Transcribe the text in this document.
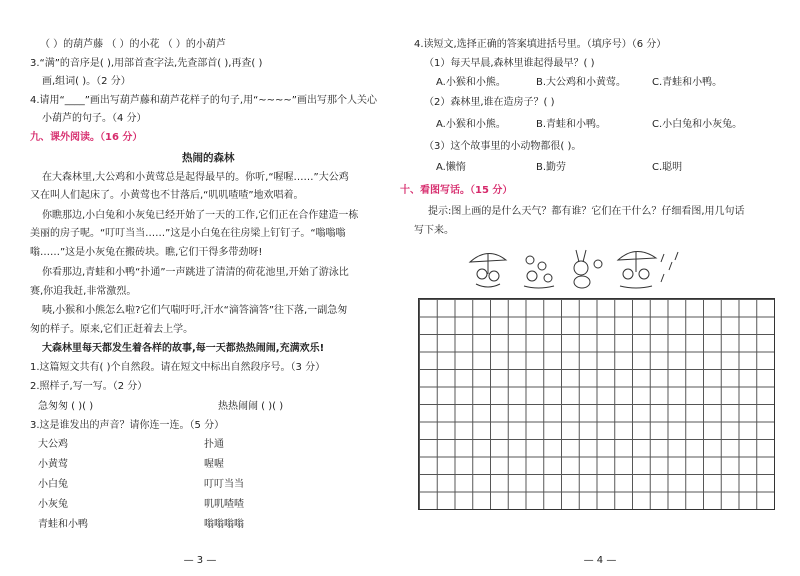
（ ）的葫芦藤 （ ）的小花 （ ）的小葫芦
3.“满”的音序是( ),用部首查字法,先查部首( ),再查( )
画,组词( )。（2 分）
4.请用“____”画出写葫芦藤和葫芦花样子的句子,用“~~~~”画出写那个人关心
小葫芦的句子。（4 分）
九、课外阅读。（16 分）
热闹的森林
在大森林里,大公鸡和小黄莺总是起得最早的。你听,“喔喔……”大公鸡
又在叫人们起床了。小黄莺也不甘落后,“叽叽喳喳”地欢唱着。
你瞧那边,小白兔和小灰兔已经开始了一天的工作,它们正在合作建造一栋
美丽的房子呢。“叮叮当当……”这是小白兔在往房梁上钉钉子。“嗡嗡嗡
嗡……”这是小灰兔在搬砖块。瞧,它们干得多带劲呀!
你看那边,青蛙和小鸭“扑通”一声跳进了清清的荷花池里,开始了游泳比
赛,你追我赶,非常激烈。
咦,小猴和小熊怎么啦?它们气喘吁吁,汗水“滴答滴答”往下落,一副急匆
匆的样子。原来,它们正赶着去上学。
大森林里每天都发生着各样的故事,每一天都热热闹闹,充满欢乐!
1.这篇短文共有( )个自然段。请在短文中标出自然段序号。（3 分）
2.照样子,写一写。（2 分）
急匆匆 ( )( )	热热闹闹 ( )( )
3.这是谁发出的声音？请你连一连。（5 分）
大公鸡	扑通
小黄莺	喔喔
小白兔	叮叮当当
小灰兔	叽叽喳喳
青蛙和小鸭	嗡嗡嗡嗡
— 3 —
4.读短文,选择正确的答案填进括号里。（填序号）（6 分）
（1）每天早晨,森林里谁起得最早？( )
A.小猴和小熊。	B.大公鸡和小黄莺。	C.青蛙和小鸭。
（2）森林里,谁在造房子？( )
A.小猴和小熊。	B.青蛙和小鸭。	C.小白兔和小灰兔。
（3）这个故事里的小动物都很( )。
A.懒惰	B.勤劳	C.聪明
十、看图写话。（15 分）
提示:图上画的是什么天气？都有谁？它们在干什么？仔细看图,用几句话
写下来。
— 4 —
